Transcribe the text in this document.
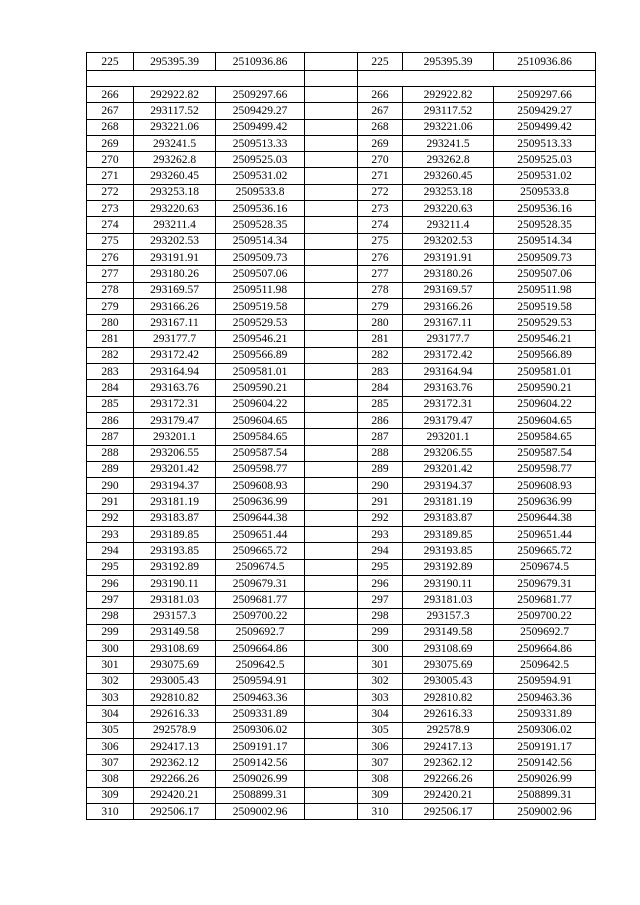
225	295395.39	2510936.86		225	295395.39	2510936.86

266	292922.82	2509297.66		266	292922.82	2509297.66
267	293117.52	2509429.27		267	293117.52	2509429.27
268	293221.06	2509499.42		268	293221.06	2509499.42
269	293241.5	2509513.33		269	293241.5	2509513.33
270	293262.8	2509525.03		270	293262.8	2509525.03
271	293260.45	2509531.02		271	293260.45	2509531.02
272	293253.18	2509533.8		272	293253.18	2509533.8
273	293220.63	2509536.16		273	293220.63	2509536.16
274	293211.4	2509528.35		274	293211.4	2509528.35
275	293202.53	2509514.34		275	293202.53	2509514.34
276	293191.91	2509509.73		276	293191.91	2509509.73
277	293180.26	2509507.06		277	293180.26	2509507.06
278	293169.57	2509511.98		278	293169.57	2509511.98
279	293166.26	2509519.58		279	293166.26	2509519.58
280	293167.11	2509529.53		280	293167.11	2509529.53
281	293177.7	2509546.21		281	293177.7	2509546.21
282	293172.42	2509566.89		282	293172.42	2509566.89
283	293164.94	2509581.01		283	293164.94	2509581.01
284	293163.76	2509590.21		284	293163.76	2509590.21
285	293172.31	2509604.22		285	293172.31	2509604.22
286	293179.47	2509604.65		286	293179.47	2509604.65
287	293201.1	2509584.65		287	293201.1	2509584.65
288	293206.55	2509587.54		288	293206.55	2509587.54
289	293201.42	2509598.77		289	293201.42	2509598.77
290	293194.37	2509608.93		290	293194.37	2509608.93
291	293181.19	2509636.99		291	293181.19	2509636.99
292	293183.87	2509644.38		292	293183.87	2509644.38
293	293189.85	2509651.44		293	293189.85	2509651.44
294	293193.85	2509665.72		294	293193.85	2509665.72
295	293192.89	2509674.5		295	293192.89	2509674.5
296	293190.11	2509679.31		296	293190.11	2509679.31
297	293181.03	2509681.77		297	293181.03	2509681.77
298	293157.3	2509700.22		298	293157.3	2509700.22
299	293149.58	2509692.7		299	293149.58	2509692.7
300	293108.69	2509664.86		300	293108.69	2509664.86
301	293075.69	2509642.5		301	293075.69	2509642.5
302	293005.43	2509594.91		302	293005.43	2509594.91
303	292810.82	2509463.36		303	292810.82	2509463.36
304	292616.33	2509331.89		304	292616.33	2509331.89
305	292578.9	2509306.02		305	292578.9	2509306.02
306	292417.13	2509191.17		306	292417.13	2509191.17
307	292362.12	2509142.56		307	292362.12	2509142.56
308	292266.26	2509026.99		308	292266.26	2509026.99
309	292420.21	2508899.31		309	292420.21	2508899.31
310	292506.17	2509002.96		310	292506.17	2509002.96
